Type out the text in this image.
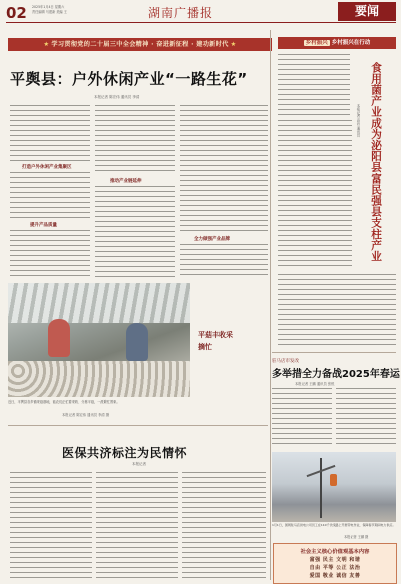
02 2025年1月4日 星期六
责任编辑 马建新 美编 王	湖南广播报	要闻
★ 学习贯彻党的二十届三中全会精神 · 奋进新征程 · 建功新时代 ★
平舆县：户外休闲产业“一路生花”
本报记者 陈宏伟 通讯员 李清
打造户外休闲产业集聚区
提升产品质量
推动产业链延伸
全力做强产业品牌
平菇丰收采摘忙
近日，平舆县各乡镇采菇基地，菇农们正忙着采收、分拣平菇，一派繁忙景象。
本报记者 陈宏伟 通讯员 李清 摄
医保共济标注为民情怀
本报记者
乡村振兴 乡村振兴在行动
食用菌产业成为泌阳县富民强县支柱产业
本报记者 高岩 通讯员
驻马店市发改
多举措全力备战2025年春运
本报记者 王鹏 通讯员 张悦
1月1日，国网驻马店供电公司员工在110千伏线路上开展带电作业，保障春节期间电力供应。
本报记者 王鹏 摄
社会主义核心价值观基本内容
富强 民主 文明 和谐
自由 平等 公正 法治
爱国 敬业 诚信 友善
